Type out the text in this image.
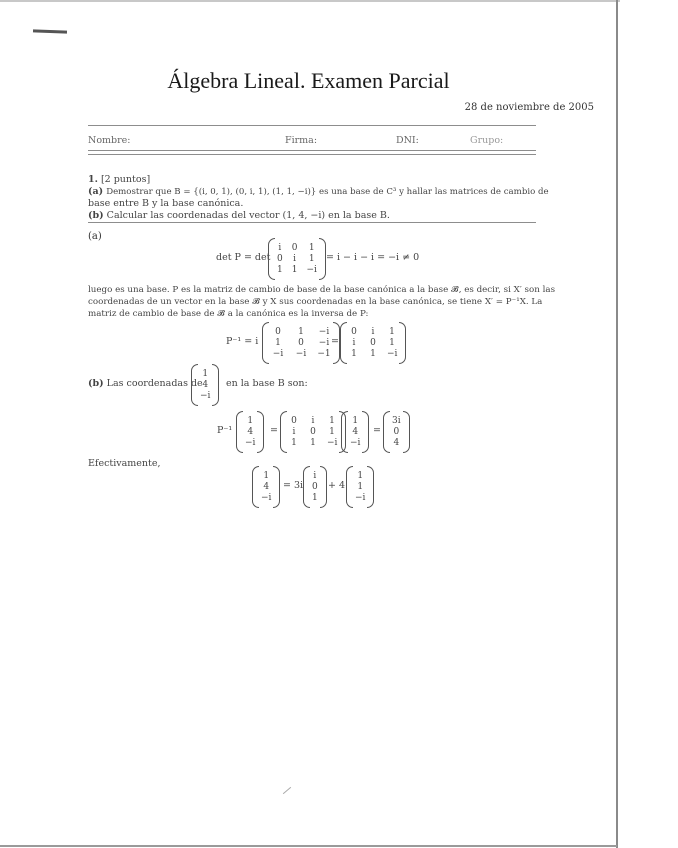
Álgebra Lineal. Examen Parcial
28 de noviembre de 2005
Nombre:	Firma:	DNI:	Grupo:
1. [2 puntos]
(a) Demostrar que B = {(i, 0, 1), (0, i, 1), (1, 1, −i)} es una base de C³ y hallar las matrices de cambio de
base entre B y la base canónica.
(b) Calcular las coordenadas del vector (1, 4, −i) en la base B.
(a)
det P = det
i 0 1
0 i 1
1 1 −i
= i − i − i = −i ≠ 0
luego es una base. P es la matriz de cambio de base de la base canónica a la base 𝓑, es decir, si X′ son las
coordenadas de un vector en la base 𝓑 y X sus coordenadas en la base canónica, se tiene X′ = P⁻¹X. La
matriz de cambio de base de 𝓑 a la canónica es la inversa de P:
P⁻¹ = i
0	1	−i
1	0	−i
−i −i −1
=
0	i	1
i	0 1
1 1 −i
(b) Las coordenadas de
1
4
−i
en la base B son:
P⁻¹
1
4
−i
=
0	i	1
i	0 1
1 1 −i
1
4
−i
=
3i
0
4
Efectivamente,
1
4
−i
= 3i
i
0
1
+ 4
1
1
−i
